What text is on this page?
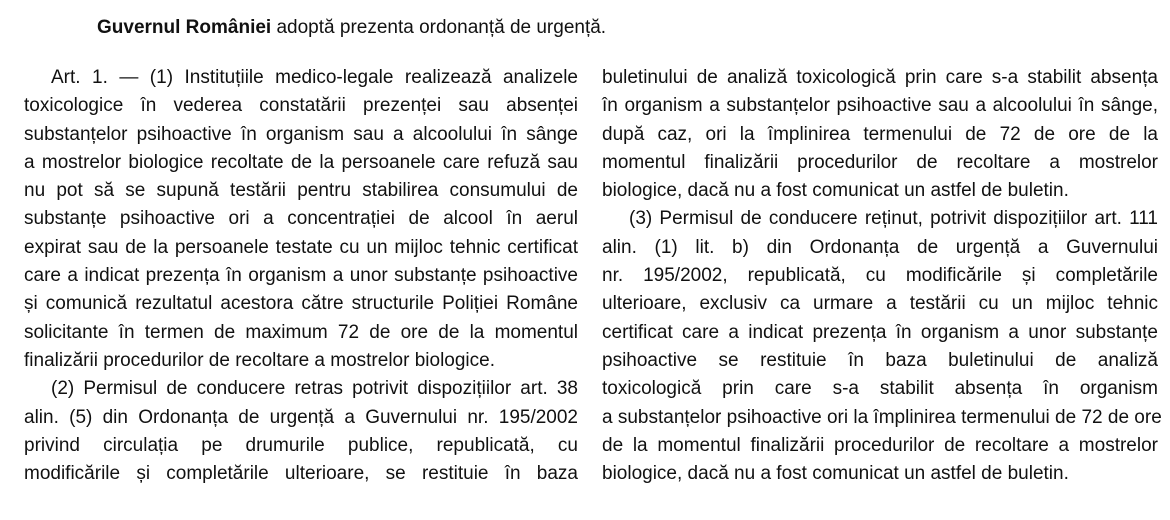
Guvernul României adoptă prezenta ordonanță de urgență.
Art. 1. — (1) Instituțiile medico-legale realizează analizele
toxicologice în vederea constatării prezenței sau absenței
substanțelor psihoactive în organism sau a alcoolului în sânge
a mostrelor biologice recoltate de la persoanele care refuză sau
nu pot să se supună testării pentru stabilirea consumului de
substanțe psihoactive ori a concentrației de alcool în aerul
expirat sau de la persoanele testate cu un mijloc tehnic certificat
care a indicat prezența în organism a unor substanțe psihoactive
și comunică rezultatul acestora către structurile Poliției Române
solicitante în termen de maximum 72 de ore de la momentul
finalizării procedurilor de recoltare a mostrelor biologice.
(2) Permisul de conducere retras potrivit dispozițiilor art. 38
alin. (5) din Ordonanța de urgență a Guvernului nr. 195/2002
privind circulația pe drumurile publice, republicată, cu
modificările și completările ulterioare, se restituie în baza
buletinului de analiză toxicologică prin care s-a stabilit absența
în organism a substanțelor psihoactive sau a alcoolului în sânge,
după caz, ori la împlinirea termenului de 72 de ore de la
momentul finalizării procedurilor de recoltare a mostrelor
biologice, dacă nu a fost comunicat un astfel de buletin.
(3) Permisul de conducere reținut, potrivit dispozițiilor art. 111
alin. (1) lit. b) din Ordonanța de urgență a Guvernului
nr. 195/2002, republicată, cu modificările și completările
ulterioare, exclusiv ca urmare a testării cu un mijloc tehnic
certificat care a indicat prezența în organism a unor substanțe
psihoactive se restituie în baza buletinului de analiză
toxicologică prin care s-a stabilit absența în organism
a substanțelor psihoactive ori la împlinirea termenului de 72 de ore
de la momentul finalizării procedurilor de recoltare a mostrelor
biologice, dacă nu a fost comunicat un astfel de buletin.
